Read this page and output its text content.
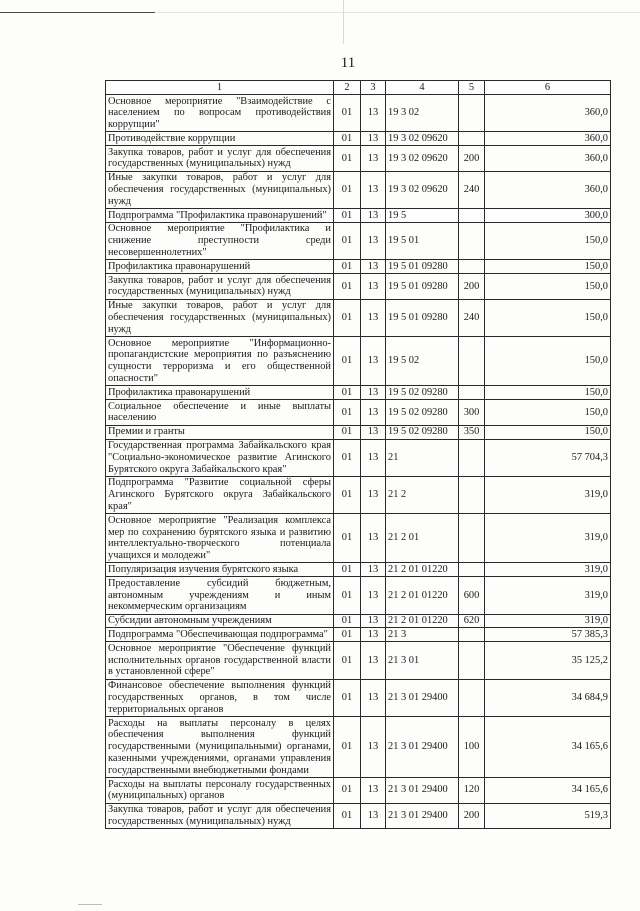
11
1	2	3	4	5	6
Основное мероприятие "Взаимодействие с населением по вопросам противодействия коррупции"	01	13	19 3 02		360,0
Противодействие коррупции	01	13	19 3 02 09620		360,0
Закупка товаров, работ и услуг для обеспечения государственных (муниципальных) нужд	01	13	19 3 02 09620	200	360,0
Иные закупки товаров, работ и услуг для обеспечения государственных (муниципальных) нужд	01	13	19 3 02 09620	240	360,0
Подпрограмма "Профилактика правонарушений"	01	13	19 5		300,0
Основное мероприятие "Профилактика и снижение преступности среди несовершеннолетних"	01	13	19 5 01		150,0
Профилактика правонарушений	01	13	19 5 01 09280		150,0
Закупка товаров, работ и услуг для обеспечения государственных (муниципальных) нужд	01	13	19 5 01 09280	200	150,0
Иные закупки товаров, работ и услуг для обеспечения государственных (муниципальных) нужд	01	13	19 5 01 09280	240	150,0
Основное мероприятие "Информационно-пропагандистские мероприятия по разъяснению сущности терроризма и его общественной опасности"	01	13	19 5 02		150,0
Профилактика правонарушений	01	13	19 5 02 09280		150,0
Социальное обеспечение и иные выплаты населению	01	13	19 5 02 09280	300	150,0
Премии и гранты	01	13	19 5 02 09280	350	150,0
Государственная программа Забайкальского края "Социально-экономическое развитие Агинского Бурятского округа Забайкальского края"	01	13	21		57 704,3
Подпрограмма "Развитие социальной сферы Агинского Бурятского округа Забайкальского края"	01	13	21 2		319,0
Основное мероприятие "Реализация комплекса мер по сохранению бурятского языка и развитию интеллектуально-творческого потенциала учащихся и молодежи"	01	13	21 2 01		319,0
Популяризация изучения бурятского языка	01	13	21 2 01 01220		319,0
Предоставление субсидий бюджетным, автономным учреждениям и иным некоммерческим организациям	01	13	21 2 01 01220	600	319,0
Субсидии автономным учреждениям	01	13	21 2 01 01220	620	319,0
Подпрограмма "Обеспечивающая подпрограмма"	01	13	21 3		57 385,3
Основное мероприятие "Обеспечение функций исполнительных органов государственной власти в установленной сфере"	01	13	21 3 01		35 125,2
Финансовое обеспечение выполнения функций государственных органов, в том числе территориальных органов	01	13	21 3 01 29400		34 684,9
Расходы на выплаты персоналу в целях обеспечения выполнения функций государственными (муниципальными) органами, казенными учреждениями, органами управления государственными внебюджетными фондами	01	13	21 3 01 29400	100	34 165,6
Расходы на выплаты персоналу государственных (муниципальных) органов	01	13	21 3 01 29400	120	34 165,6
Закупка товаров, работ и услуг для обеспечения государственных (муниципальных) нужд	01	13	21 3 01 29400	200	519,3
